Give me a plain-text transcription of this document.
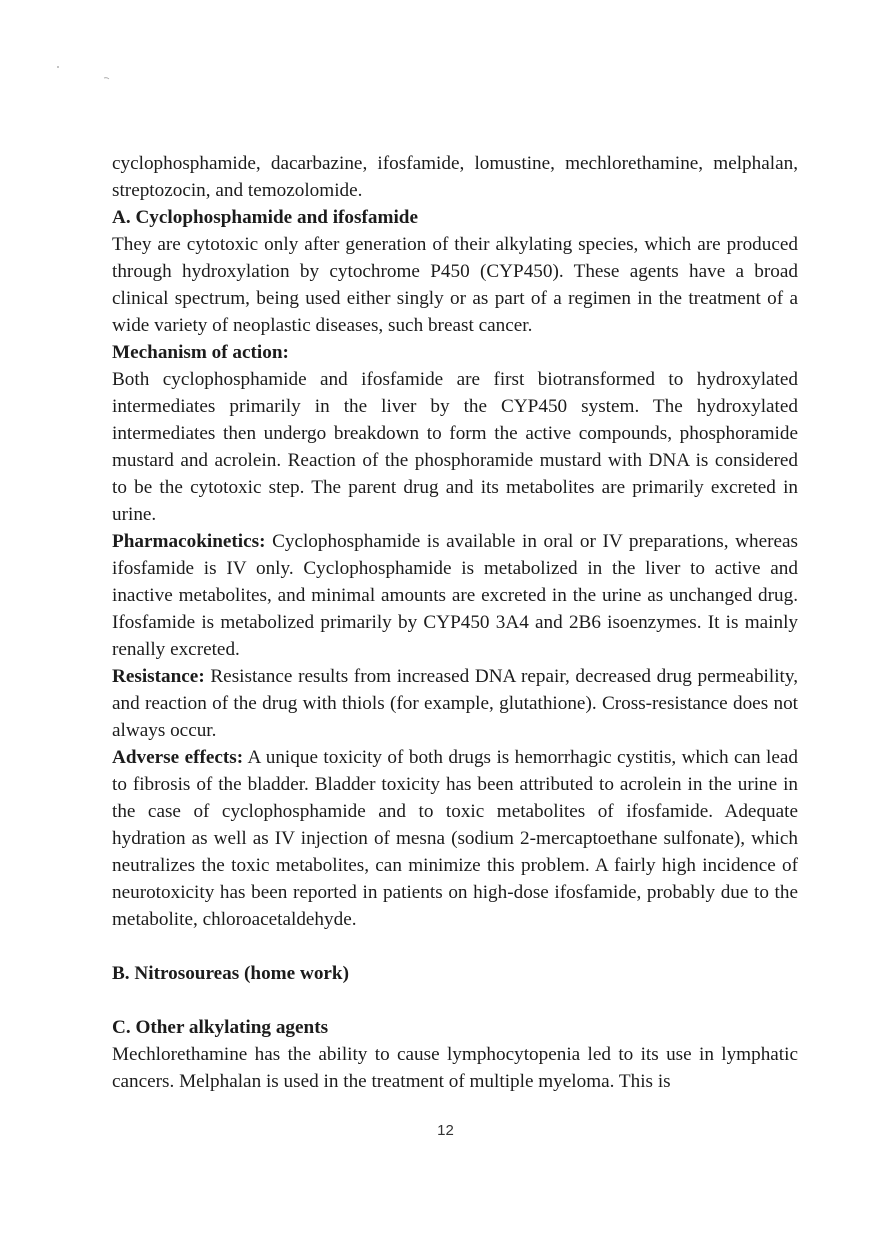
cyclophosphamide, dacarbazine, ifosfamide, lomustine, mechlorethamine, melphalan, streptozocin, and temozolomide.

A. Cyclophosphamide and ifosfamide

They are cytotoxic only after generation of their alkylating species, which are produced through hydroxylation by cytochrome P450 (CYP450). These agents have a broad clinical spectrum, being used either singly or as part of a regimen in the treatment of a wide variety of neoplastic diseases, such breast cancer.

Mechanism of action:

Both cyclophosphamide and ifosfamide are first biotransformed to hydroxylated intermediates primarily in the liver by the CYP450 system. The hydroxylated intermediates then undergo breakdown to form the active compounds, phosphoramide mustard and acrolein. Reaction of the phosphoramide mustard with DNA is considered to be the cytotoxic step. The parent drug and its metabolites are primarily excreted in urine.

Pharmacokinetics: Cyclophosphamide is available in oral or IV preparations, whereas ifosfamide is IV only. Cyclophosphamide is metabolized in the liver to active and inactive metabolites, and minimal amounts are excreted in the urine as unchanged drug. Ifosfamide is metabolized primarily by CYP450 3A4 and 2B6 isoenzymes. It is mainly renally excreted.

Resistance: Resistance results from increased DNA repair, decreased drug permeability, and reaction of the drug with thiols (for example, glutathione). Cross-resistance does not always occur.

Adverse effects: A unique toxicity of both drugs is hemorrhagic cystitis, which can lead to fibrosis of the bladder. Bladder toxicity has been attributed to acrolein in the urine in the case of cyclophosphamide and to toxic metabolites of ifosfamide. Adequate hydration as well as IV injection of mesna (sodium 2-mercaptoethane sulfonate), which neutralizes the toxic metabolites, can minimize this problem. A fairly high incidence of neurotoxicity has been reported in patients on high-dose ifosfamide, probably due to the metabolite, chloroacetaldehyde.

B. Nitrosoureas (home work)

C. Other alkylating agents

Mechlorethamine has the ability to cause lymphocytopenia led to its use in lymphatic cancers. Melphalan is used in the treatment of multiple myeloma. This is

12
